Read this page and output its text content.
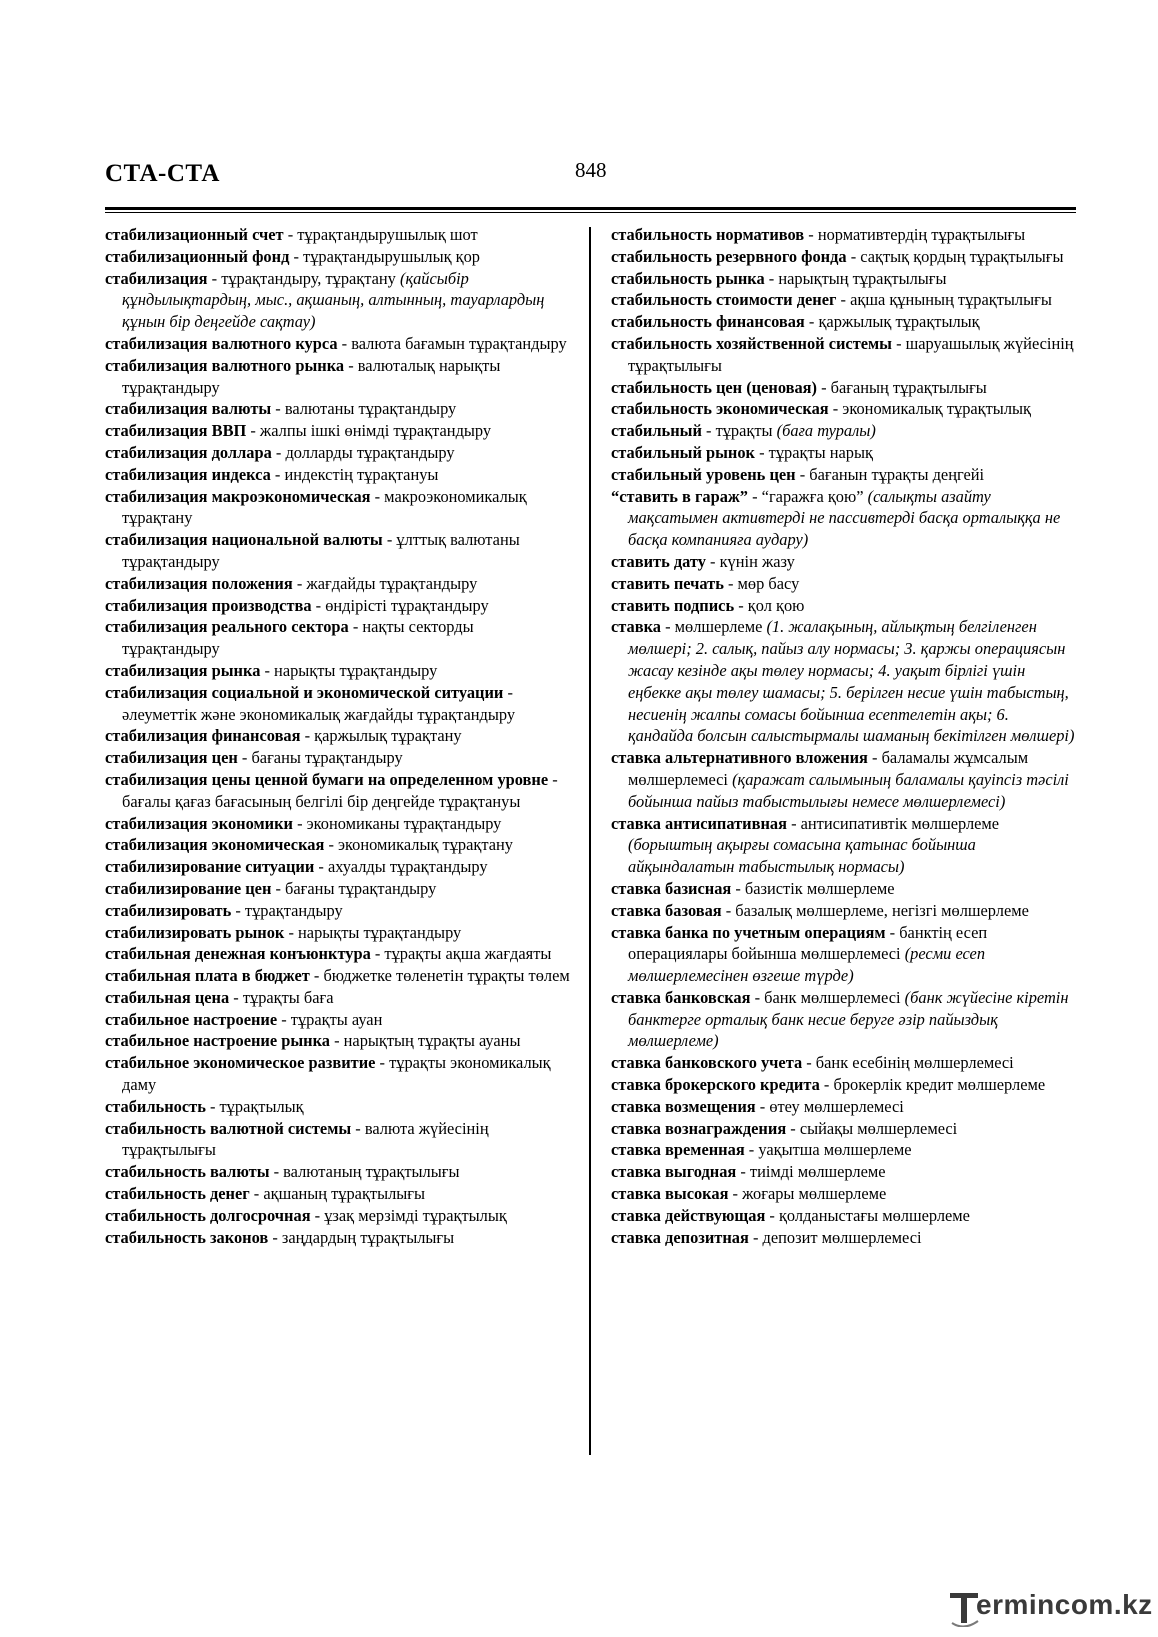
СТА-СТА	848
стабилизационный счет - тұрақтандырушылық шот
стабилизационный фонд - тұрақтандырушылық қор
стабилизация - тұрақтандыру, тұрақтану (қайсыбір құндылықтардың, мыс., ақшаның, алтынның, тауарлардың құнын бір деңгейде сақтау)
стабилизация валютного курса - валюта бағамын тұрақтандыру
стабилизация валютного рынка - валюталық нарықты тұрақтандыру
стабилизация валюты - валютаны тұрақтандыру
стабилизация ВВП - жалпы ішкі өнімді тұрақтандыру
стабилизация доллара - долларды тұрақтандыру
стабилизация индекса - индекстің тұрақтануы
стабилизация макроэкономическая - макроэкономикалық тұрақтану
стабилизация национальной валюты - ұлттық валютаны тұрақтандыру
стабилизация положения - жағдайды тұрақтандыру
стабилизация производства - өндірісті тұрақтандыру
стабилизация реального сектора - нақты секторды тұрақтандыру
стабилизация рынка - нарықты тұрақтандыру
стабилизация социальной и экономической ситуации - әлеуметтік және экономикалық жағдайды тұрақтандыру
стабилизация финансовая - қаржылық тұрақтану
стабилизация цен - бағаны тұрақтандыру
стабилизация цены ценной бумаги на определенном уровне - бағалы қағаз бағасының белгілі бір деңгейде тұрақтануы
стабилизация экономики - экономиканы тұрақтандыру
стабилизация экономическая - экономикалық тұрақтану
стабилизирование ситуации - ахуалды тұрақтандыру
стабилизирование цен - бағаны тұрақтандыру
стабилизировать - тұрақтандыру
стабилизировать рынок - нарықты тұрақтандыру
стабильная денежная конъюнктура - тұрақты ақша жағдаяты
стабильная плата в бюджет - бюджетке төленетін тұрақты төлем
стабильная цена - тұрақты баға
стабильное настроение - тұрақты ауан
стабильное настроение рынка - нарықтың тұрақты ауаны
стабильное экономическое развитие - тұрақты экономикалық даму
стабильность - тұрақтылық
стабильность валютной системы - валюта жүйесінің тұрақтылығы
стабильность валюты - валютаның тұрақтылығы
стабильность денег - ақшаның тұрақтылығы
стабильность долгосрочная - ұзақ мерзімді тұрақтылық
стабильность законов - заңдардың тұрақтылығы
стабильность нормативов - нормативтердің тұрақтылығы
стабильность резервного фонда - сақтық қордың тұрақтылығы
стабильность рынка - нарықтың тұрақтылығы
стабильность стоимости денег - ақша құнының тұрақтылығы
стабильность финансовая - қаржылық тұрақтылық
стабильность хозяйственной системы - шаруашылық жүйесінің тұрақтылығы
стабильность цен (ценовая) - бағаның тұрақтылығы
стабильность экономическая - экономикалық тұрақтылық
стабильный - тұрақты (баға туралы)
стабильный рынок - тұрақты нарық
стабильный уровень цен - бағанын тұрақты деңгейі
“ставить в гараж” - “гаражға қою” (салықты азайту мақсатымен активтерді не пассивтерді басқа орталыққа не басқа компанияға аудару)
ставить дату - күнін жазу
ставить печать - мөр басу
ставить подпись - қол қою
ставка - мөлшерлеме (1. жалақының, айлықтың белгіленген мөлшері; 2. салық, пайыз алу нормасы; 3. қаржы операциясын жасау кезінде ақы төлеу нормасы; 4. уақыт бірлігі үшін еңбекке ақы төлеу шамасы; 5. берілген несие үшін табыстың, несиенің жалпы сомасы бойынша есептелетін ақы; 6. қандайда болсын салыстырмалы шаманың бекітілген мөлшері)
ставка альтернативного вложения - баламалы жұмсалым мөлшерлемесі (қаражат салымының баламалы қауіпсіз тәсілі бойынша пайыз табыстылығы немесе мөлшерлемесі)
ставка антисипативная - антисипативтік мөлшерлеме (борыштың ақырғы сомасына қатынас бойынша айқындалатын табыстылық нормасы)
ставка базисная - базистік мөлшерлеме
ставка базовая - базалық мөлшерлеме, негізгі мөлшерлеме
ставка банка по учетным операциям - банктің есеп операциялары бойынша мөлшерлемесі (ресми есеп мөлшерлемесінен өзгеше түрде)
ставка банковская - банк мөлшерлемесі (банк жүйесіне кіретін банктерге орталық банк несие беруге әзір пайыздық мөлшерлеме)
ставка банковского учета - банк есебінің мөлшерлемесі
ставка брокерского кредита - брокерлік кредит мөлшерлеме
ставка возмещения - өтеу мөлшерлемесі
ставка вознаграждения - сыйақы мөлшерлемесі
ставка временная - уақытша мөлшерлеме
ставка выгодная - тиімді мөлшерлеме
ставка высокая - жоғары мөлшерлеме
ставка действующая - қолданыстағы мөлшерлеме
ставка депозитная - депозит мөлшерлемесі
ermincom.kz
